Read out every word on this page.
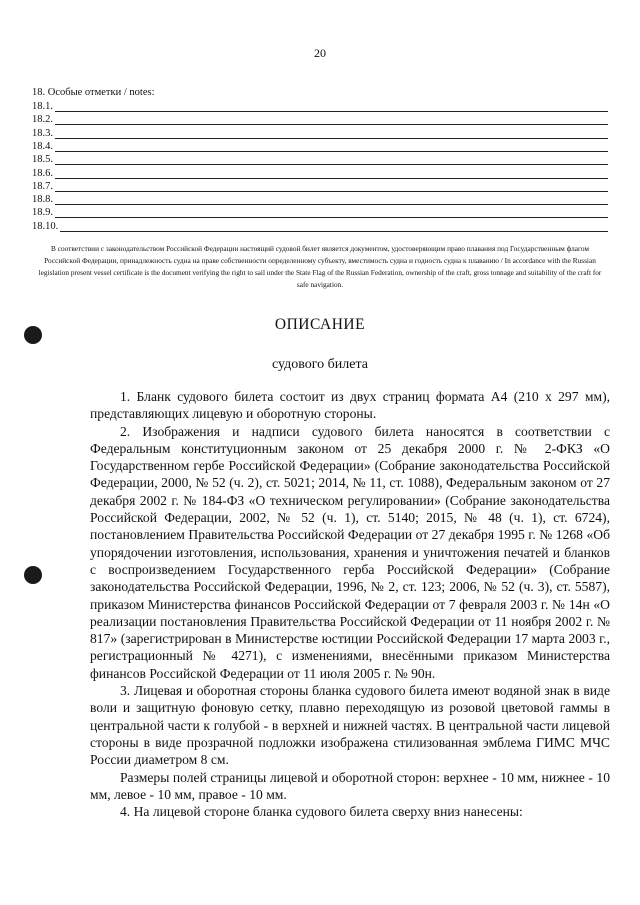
20
18. Особые отметки / notes:
18.1.
18.2.
18.3.
18.4.
18.5.
18.6.
18.7.
18.8.
18.9.
18.10.
В соответствии с законодательством Российской Федерации настоящий судовой билет является документом, удостоверяющим право плавания под Государственным флагом Российской Федерации, принадлежность судна на праве собственности определенному субъекту, вместимость судна и годность судна к плаванию / In accordance with the Russian legislation present vessel certificate is the document verifying the right to sail under the State Flag of the Russian Federation, ownership of the craft, gross tonnage and suitability of the craft for safe navigation.
ОПИСАНИЕ
судового билета

1. Бланк судового билета состоит из двух страниц формата А4 (210 x 297 мм), представляющих лицевую и оборотную стороны.

2. Изображения и надписи судового билета наносятся в соответствии с Федеральным конституционным законом от 25 декабря 2000 г. № 2-ФКЗ «О Государственном гербе Российской Федерации» (Собрание законодательства Российской Федерации, 2000, № 52 (ч. 2), ст. 5021; 2014, № 11, ст. 1088), Федеральным законом от 27 декабря 2002 г. № 184-ФЗ «О техническом регулировании» (Собрание законодательства Российской Федерации, 2002, № 52 (ч. 1), ст. 5140; 2015, № 48 (ч. 1), ст. 6724), постановлением Правительства Российской Федерации от 27 декабря 1995 г. № 1268 «Об упорядочении изготовления, использования, хранения и уничтожения печатей и бланков с воспроизведением Государственного герба Российской Федерации» (Собрание законодательства Российской Федерации, 1996, № 2, ст. 123; 2006, № 52 (ч. 3), ст. 5587), приказом Министерства финансов Российской Федерации от 7 февраля 2003 г. № 14н «О реализации постановления Правительства Российской Федерации от 11 ноября 2002 г. № 817» (зарегистрирован в Министерстве юстиции Российской Федерации 17 марта 2003 г., регистрационный № 4271), с изменениями, внесёнными приказом Министерства финансов Российской Федерации от 11 июля 2005 г. № 90н.

3. Лицевая и оборотная стороны бланка судового билета имеют водяной знак в виде воли и защитную фоновую сетку, плавно переходящую из розовой цветовой гаммы в центральной части к голубой - в верхней и нижней частях. В центральной части лицевой стороны в виде прозрачной подложки изображена стилизованная эмблема ГИМС МЧС России диаметром 8 см.

Размеры полей страницы лицевой и оборотной сторон: верхнее - 10 мм, нижнее - 10 мм, левое - 10 мм, правое - 10 мм.

4. На лицевой стороне бланка судового билета сверху вниз нанесены:
